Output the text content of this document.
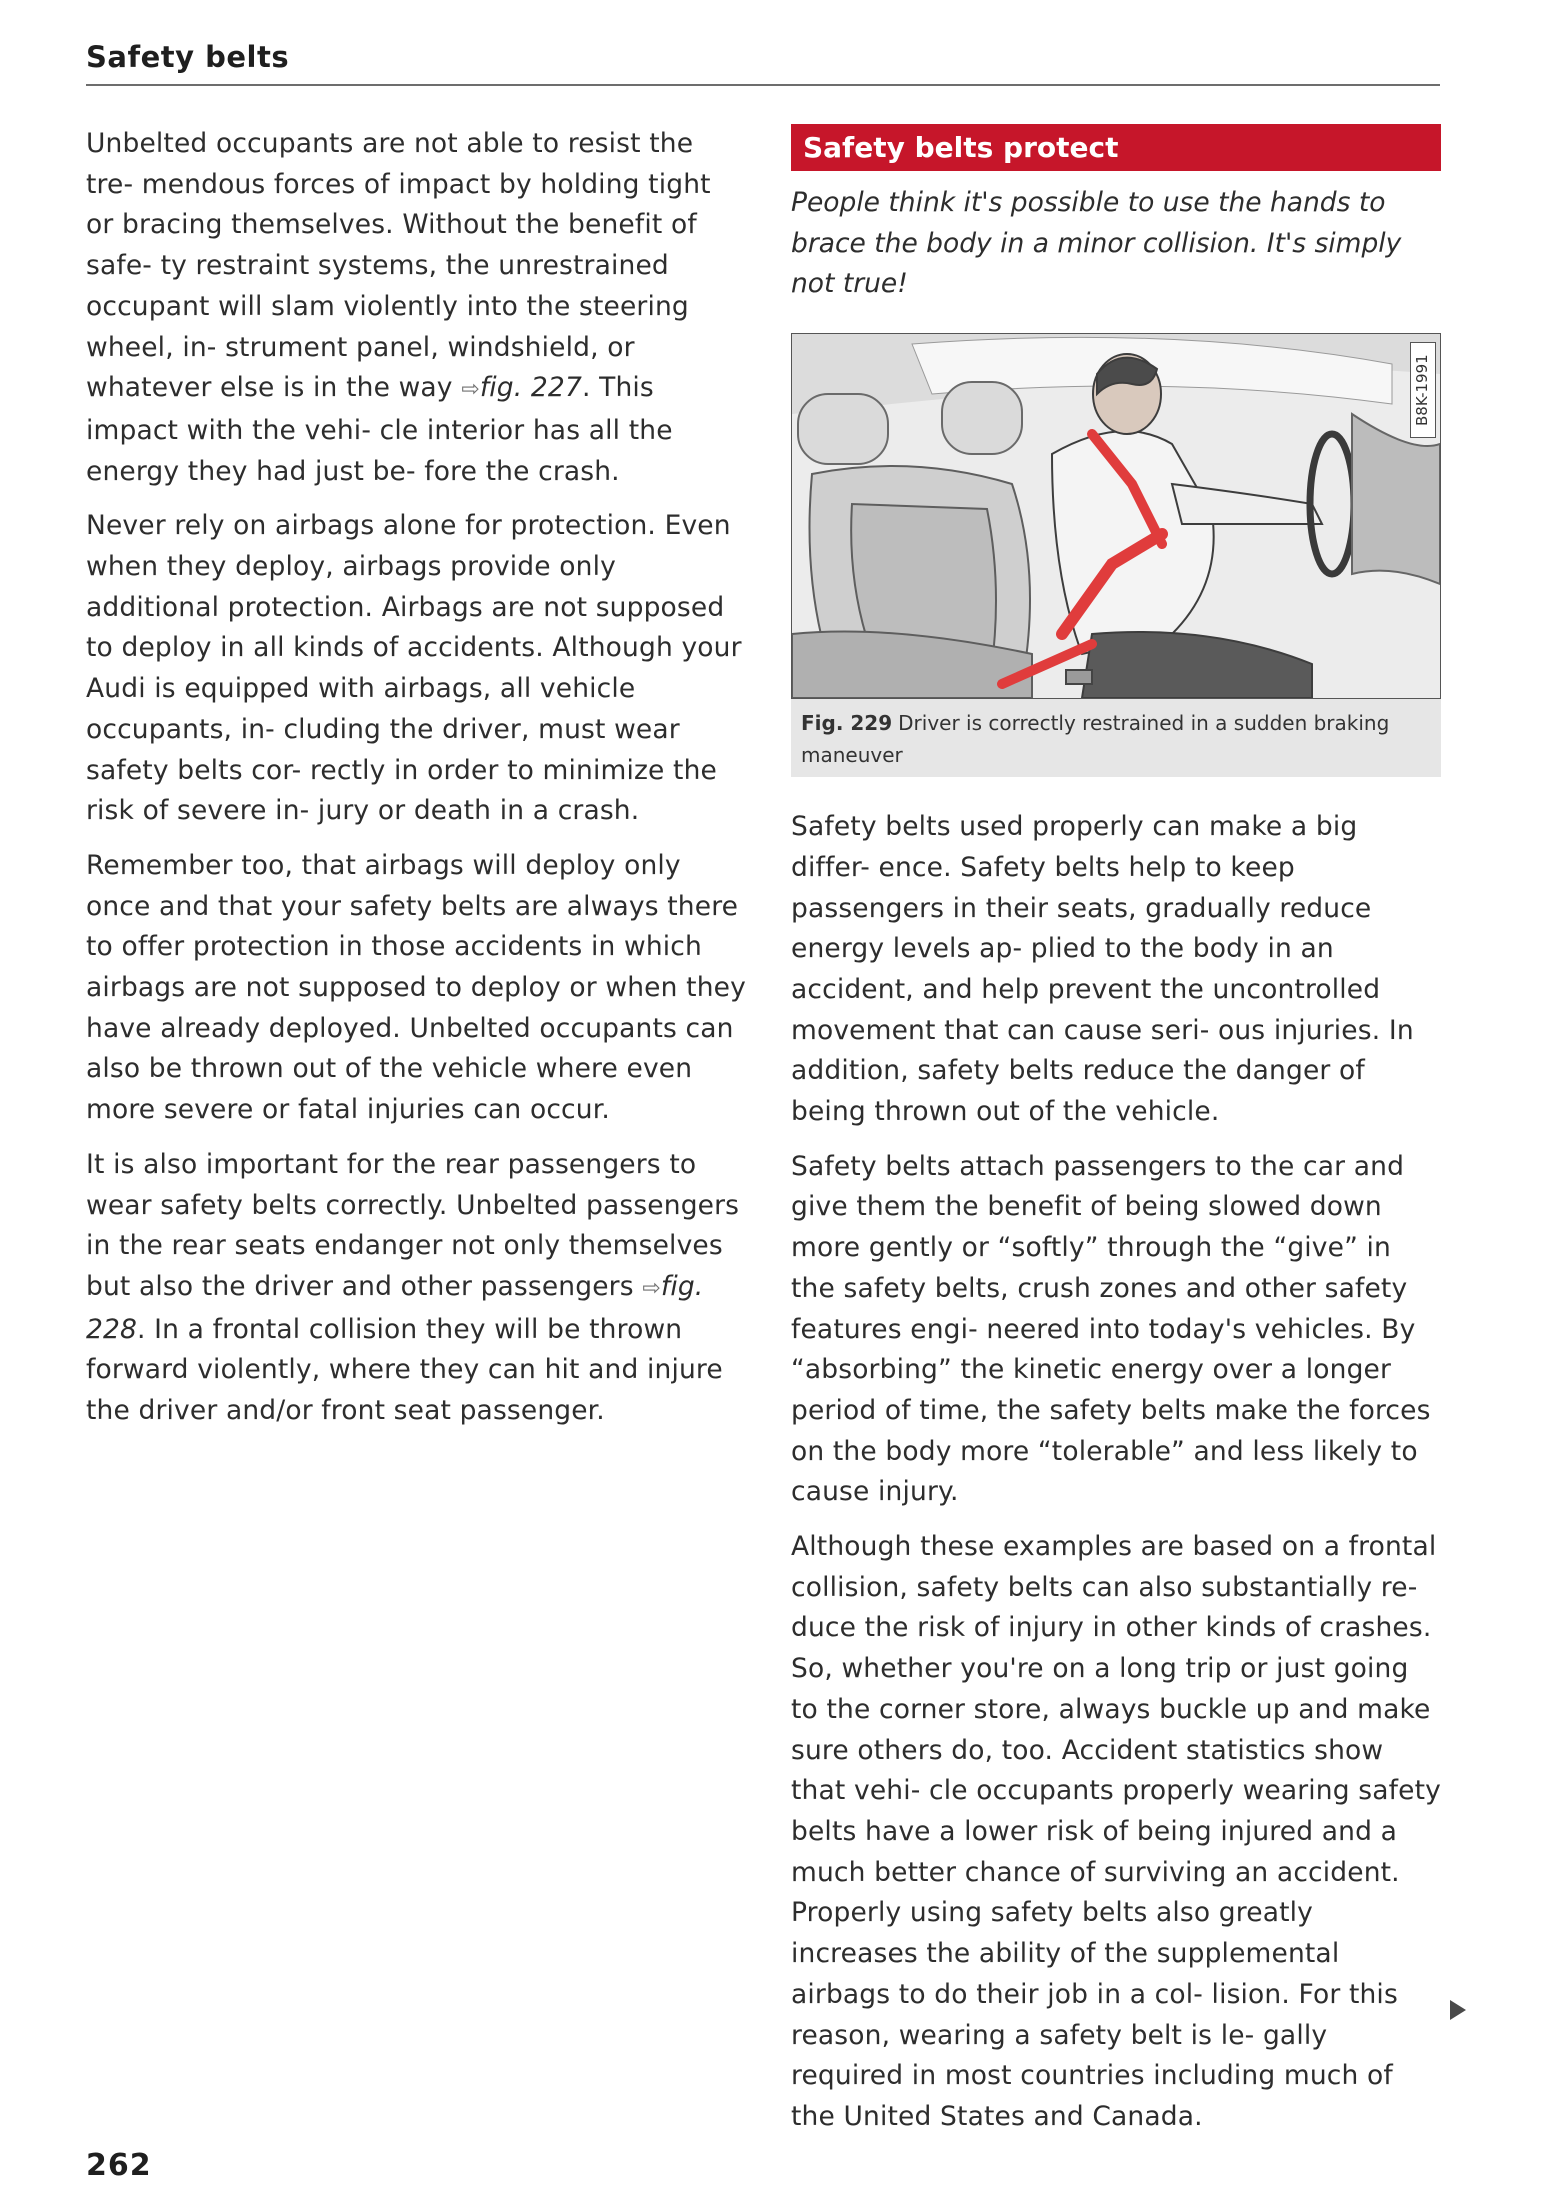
Safety belts

Unbelted occupants are not able to resist the tre- mendous forces of impact by holding tight or bracing themselves. Without the benefit of safe- ty restraint systems, the unrestrained occupant will slam violently into the steering wheel, in- strument panel, windshield, or whatever else is in the way ⇨fig. 227. This impact with the vehi- cle interior has all the energy they had just be- fore the crash.

Never rely on airbags alone for protection. Even when they deploy, airbags provide only additional protection. Airbags are not supposed to deploy in all kinds of accidents. Although your Audi is equipped with airbags, all vehicle occupants, in- cluding the driver, must wear safety belts cor- rectly in order to minimize the risk of severe in- jury or death in a crash.

Remember too, that airbags will deploy only once and that your safety belts are always there to offer protection in those accidents in which airbags are not supposed to deploy or when they have already deployed. Unbelted occupants can also be thrown out of the vehicle where even more severe or fatal injuries can occur.

It is also important for the rear passengers to wear safety belts correctly. Unbelted passengers in the rear seats endanger not only themselves but also the driver and other passengers ⇨fig. 228. In a frontal collision they will be thrown forward violently, where they can hit and injure the driver and/or front seat passenger.

Safety belts protect

People think it's possible to use the hands to brace the body in a minor collision. It's simply not true!

B8K-1991
Fig. 229 Driver is correctly restrained in a sudden braking maneuver

Safety belts used properly can make a big differ- ence. Safety belts help to keep passengers in their seats, gradually reduce energy levels ap- plied to the body in an accident, and help prevent the uncontrolled movement that can cause seri- ous injuries. In addition, safety belts reduce the danger of being thrown out of the vehicle.

Safety belts attach passengers to the car and give them the benefit of being slowed down more gently or “softly” through the “give” in the safety belts, crush zones and other safety features engi- neered into today's vehicles. By “absorbing” the kinetic energy over a longer period of time, the safety belts make the forces on the body more “tolerable” and less likely to cause injury.

Although these examples are based on a frontal collision, safety belts can also substantially re- duce the risk of injury in other kinds of crashes. So, whether you're on a long trip or just going to the corner store, always buckle up and make sure others do, too. Accident statistics show that vehi- cle occupants properly wearing safety belts have a lower risk of being injured and a much better chance of surviving an accident. Properly using safety belts also greatly increases the ability of the supplemental airbags to do their job in a col- lision. For this reason, wearing a safety belt is le- gally required in most countries including much of the United States and Canada.

262
